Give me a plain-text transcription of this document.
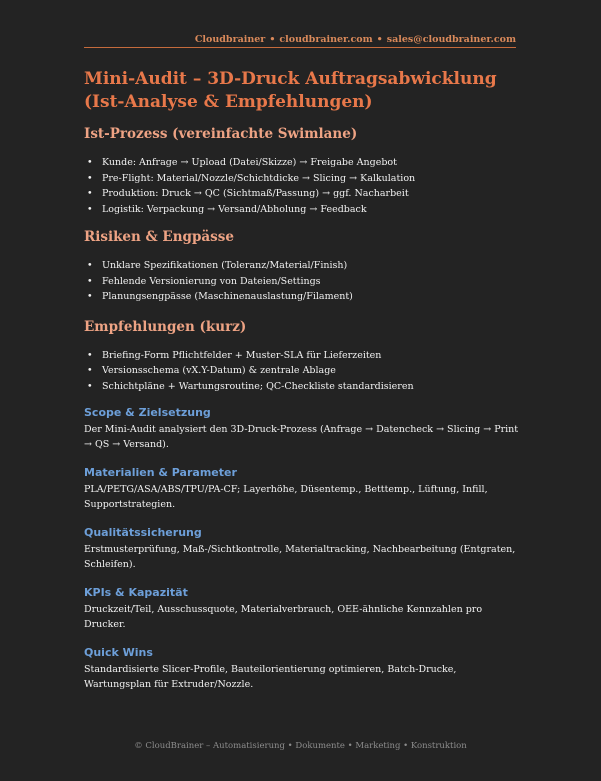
Cloudbrainer • cloudbrainer.com • sales@cloudbrainer.com
Mini-Audit – 3D-Druck Auftragsabwicklung
(Ist-Analyse & Empfehlungen)
Ist-Prozess (vereinfachte Swimlane)
• Kunde: Anfrage → Upload (Datei/Skizze) → Freigabe Angebot
• Pre-Flight: Material/Nozzle/Schichtdicke → Slicing → Kalkulation
• Produktion: Druck → QC (Sichtmaß/Passung) → ggf. Nacharbeit
• Logistik: Verpackung → Versand/Abholung → Feedback
Risiken & Engpässe
• Unklare Spezifikationen (Toleranz/Material/Finish)
• Fehlende Versionierung von Dateien/Settings
• Planungsengpässe (Maschinenauslastung/Filament)
Empfehlungen (kurz)
• Briefing-Form Pflichtfelder + Muster-SLA für Lieferzeiten
• Versionsschema (vX.Y-Datum) & zentrale Ablage
• Schichtpläne + Wartungsroutine; QC-Checkliste standardisieren
Scope & Zielsetzung

Der Mini-Audit analysiert den 3D-Druck-Prozess (Anfrage → Datencheck → Slicing → Print → QS → Versand).

Materialien & Parameter

PLA/PETG/ASA/ABS/TPU/PA-CF; Layerhöhe, Düsentemp., Betttemp., Lüftung, Infill, Supportstrategien.

Qualitätssicherung

Erstmusterprüfung, Maß-/Sichtkontrolle, Materialtracking, Nachbearbeitung (Entgraten, Schleifen).

KPIs & Kapazität

Druckzeit/Teil, Ausschussquote, Materialverbrauch, OEE-ähnliche Kennzahlen pro Drucker.

Quick Wins

Standardisierte Slicer-Profile, Bauteilorientierung optimieren, Batch-Drucke, Wartungsplan für Extruder/Nozzle.

© CloudBrainer – Automatisierung • Dokumente • Marketing • Konstruktion
